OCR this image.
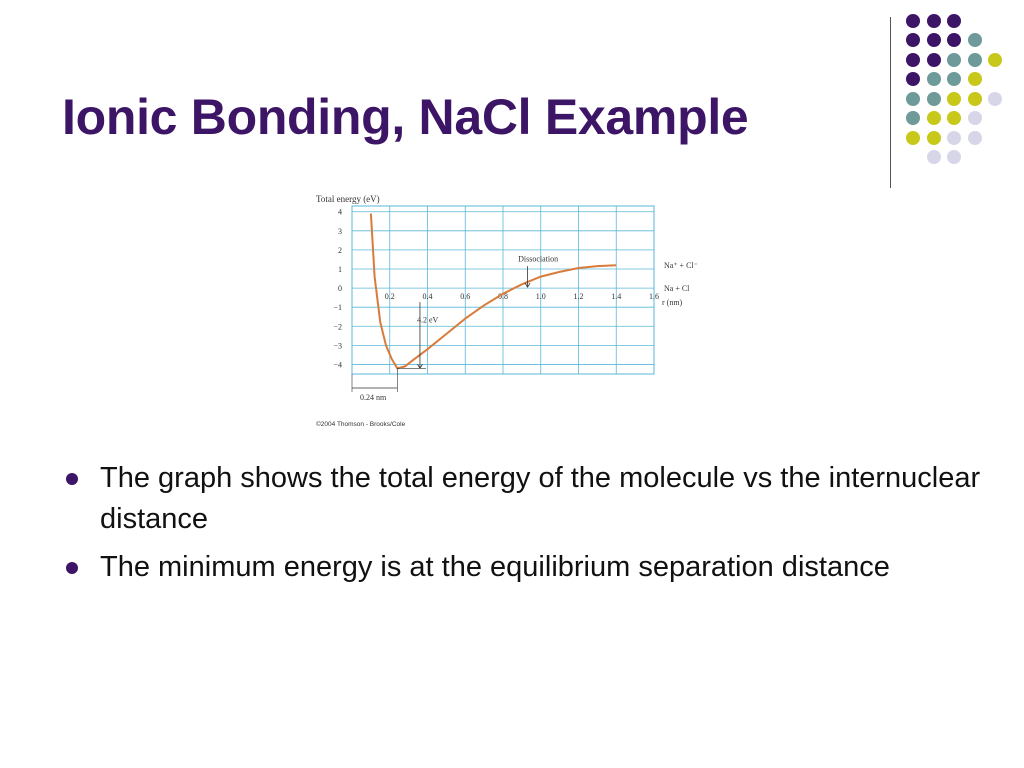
Ionic Bonding, NaCl Example
Total energy (eV)
4
3
2
1
0
−1
−2
−3
−4
0.2	0.4	0.6	0.8	1.0	1.2	1.4	1.6
Dissociation
4.2 eV
0.24 nm
Na⁺ + Cl⁻
Na + Cl
r (nm)
©2004 Thomson - Brooks/Cole
The graph shows the total energy of the molecule vs the internuclear distance
The minimum energy is at the equilibrium separation distance
